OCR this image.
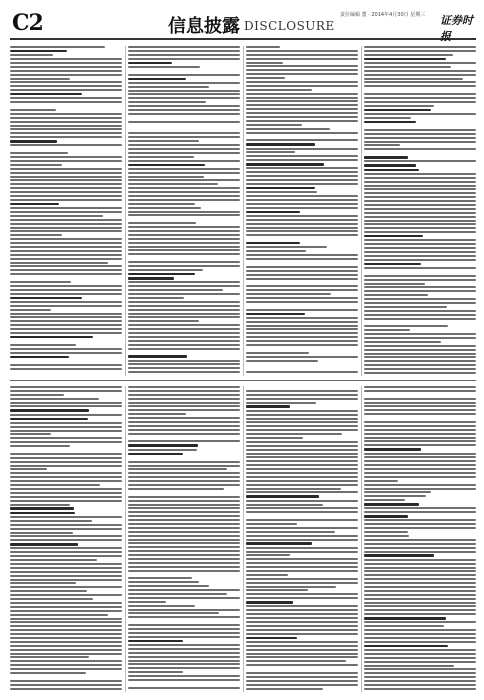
C2	信息披露 DISCLOSURE
责任编辑 董 · 2014年4月30日 星期三	证券时报
